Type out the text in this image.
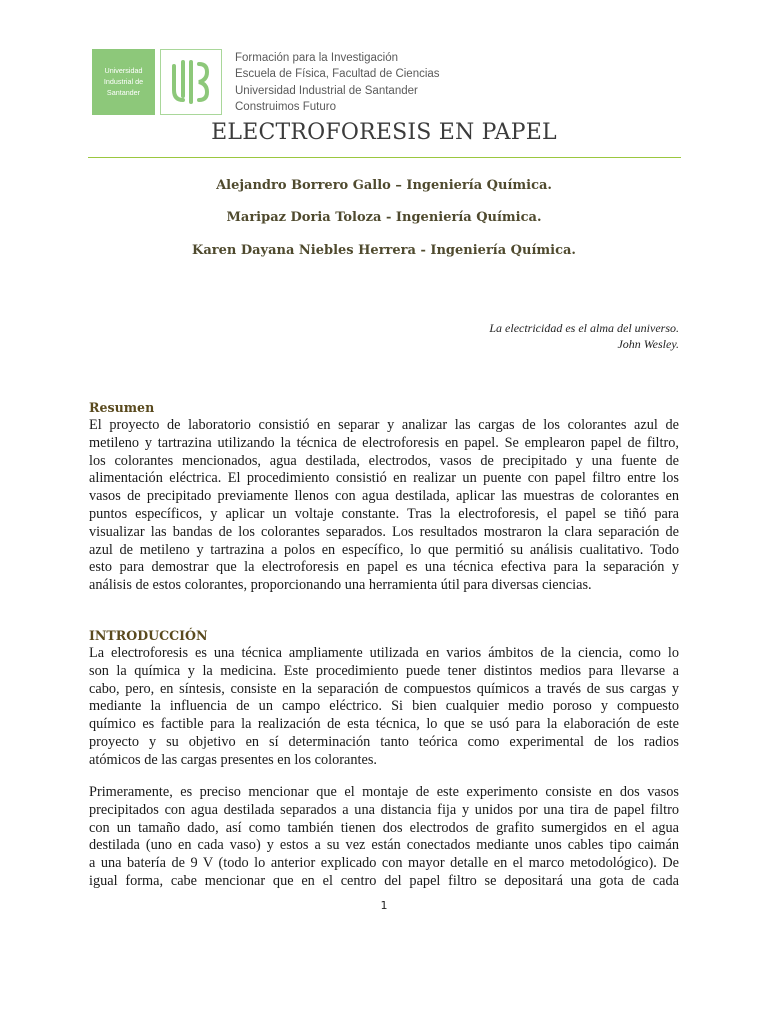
Universidad
Industrial de
Santander
Formación para la Investigación
Escuela de Física, Facultad de Ciencias
Universidad Industrial de Santander
Construimos Futuro
ELECTROFORESIS EN PAPEL
Alejandro Borrero Gallo – Ingeniería Química.
Maripaz Doria Toloza - Ingeniería Química.
Karen Dayana Niebles Herrera - Ingeniería Química.
La electricidad es el alma del universo.
John Wesley.
Resumen
El proyecto de laboratorio consistió en separar y analizar las cargas de los colorantes azul de
metileno y tartrazina utilizando la técnica de electroforesis en papel. Se emplearon papel de filtro,
los colorantes mencionados, agua destilada, electrodos, vasos de precipitado y una fuente de
alimentación eléctrica. El procedimiento consistió en realizar un puente con papel filtro entre los
vasos de precipitado previamente llenos con agua destilada, aplicar las muestras de colorantes en
puntos específicos, y aplicar un voltaje constante. Tras la electroforesis, el papel se tiñó para
visualizar las bandas de los colorantes separados. Los resultados mostraron la clara separación de
azul de metileno y tartrazina a polos en específico, lo que permitió su análisis cualitativo. Todo
esto para demostrar que la electroforesis en papel es una técnica efectiva para la separación y
análisis de estos colorantes, proporcionando una herramienta útil para diversas ciencias.
INTRODUCCIÓN
La electroforesis es una técnica ampliamente utilizada en varios ámbitos de la ciencia, como lo
son la química y la medicina. Este procedimiento puede tener distintos medios para llevarse a
cabo, pero, en síntesis, consiste en la separación de compuestos químicos a través de sus cargas y
mediante la influencia de un campo eléctrico. Si bien cualquier medio poroso y compuesto
químico es factible para la realización de esta técnica, lo que se usó para la elaboración de este
proyecto y su objetivo en sí determinación tanto teórica como experimental de los radios
atómicos de las cargas presentes en los colorantes.
Primeramente, es preciso mencionar que el montaje de este experimento consiste en dos vasos
precipitados con agua destilada separados a una distancia fija y unidos por una tira de papel filtro
con un tamaño dado, así como también tienen dos electrodos de grafito sumergidos en el agua
destilada (uno en cada vaso) y estos a su vez están conectados mediante unos cables tipo caimán
a una batería de 9 V (todo lo anterior explicado con mayor detalle en el marco metodológico). De
igual forma, cabe mencionar que en el centro del papel filtro se depositará una gota de cada
1
